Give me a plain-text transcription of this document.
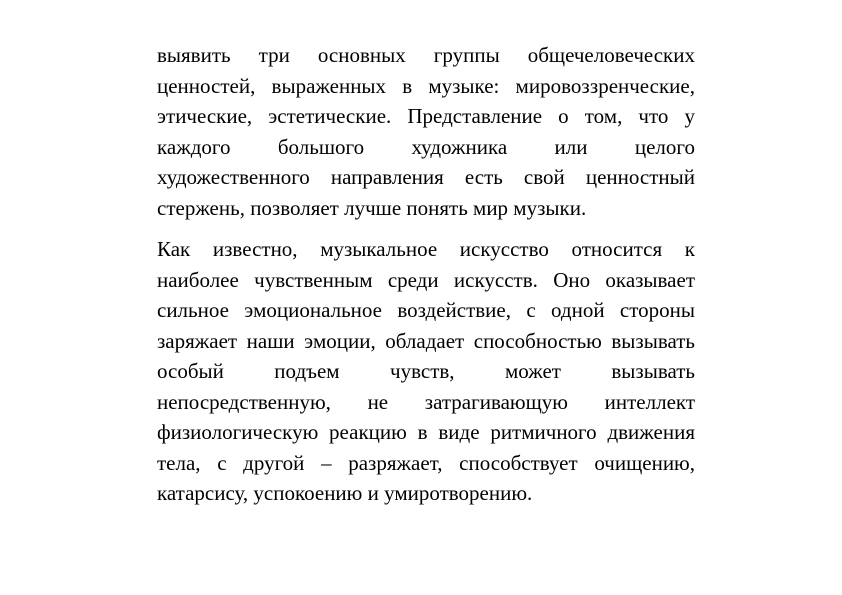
выявить три основных группы общечеловеческих
ценностей, выраженных в музыке: мировоззренческие,
этические, эстетические. Представление о том, что у
каждого большого художника или целого
художественного направления есть свой ценностный
стержень, позволяет лучше понять мир музыки.
Как известно, музыкальное искусство относится к
наиболее чувственным среди искусств. Оно оказывает
сильное эмоциональное воздействие, с одной стороны
заряжает наши эмоции, обладает способностью вызывать
особый подъем чувств, может вызывать
непосредственную, не затрагивающую интеллект
физиологическую реакцию в виде ритмичного движения
тела, с другой – разряжает, способствует очищению,
катарсису, успокоению и умиротворению.
